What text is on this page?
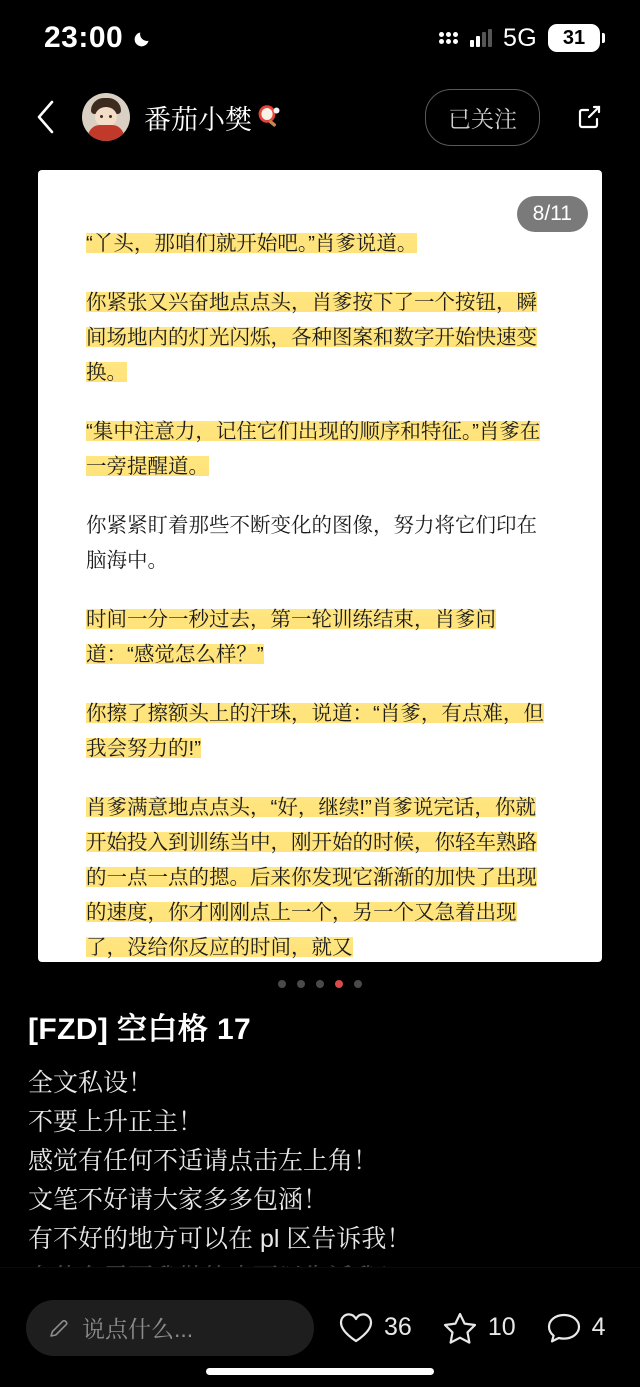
23:00	5G	31
番茄小樊	已关注
8/11

“丫头，那咱们就开始吧。”肖爹说道。

你紧张又兴奋地点点头，肖爹按下了一个按钮，瞬间场地内的灯光闪烁，各种图案和数字开始快速变换。

“集中注意力，记住它们出现的顺序和特征。”肖爹在一旁提醒道。

你紧紧盯着那些不断变化的图像，努力将它们印在脑海中。

时间一分一秒过去，第一轮训练结束，肖爹问道：“感觉怎么样？”

你擦了擦额头上的汗珠，说道：“肖爹，有点难，但我会努力的!”

肖爹满意地点点头，“好，继续!”肖爹说完话，你就开始投入到训练当中，刚开始的时候，你轻车熟路的一点一点的摁。后来你发现它渐渐的加快了出现的速度，你才刚刚点上一个，另一个又急着出现了，没给你反应的时间，就又

[FZD] 空白格 17
全文私设！
不要上升正主！
感觉有任何不适请点击左上角！
文笔不好请大家多多包涵！
有不好的地方可以在 pl 区告诉我！
说点什么...	36	10	4
